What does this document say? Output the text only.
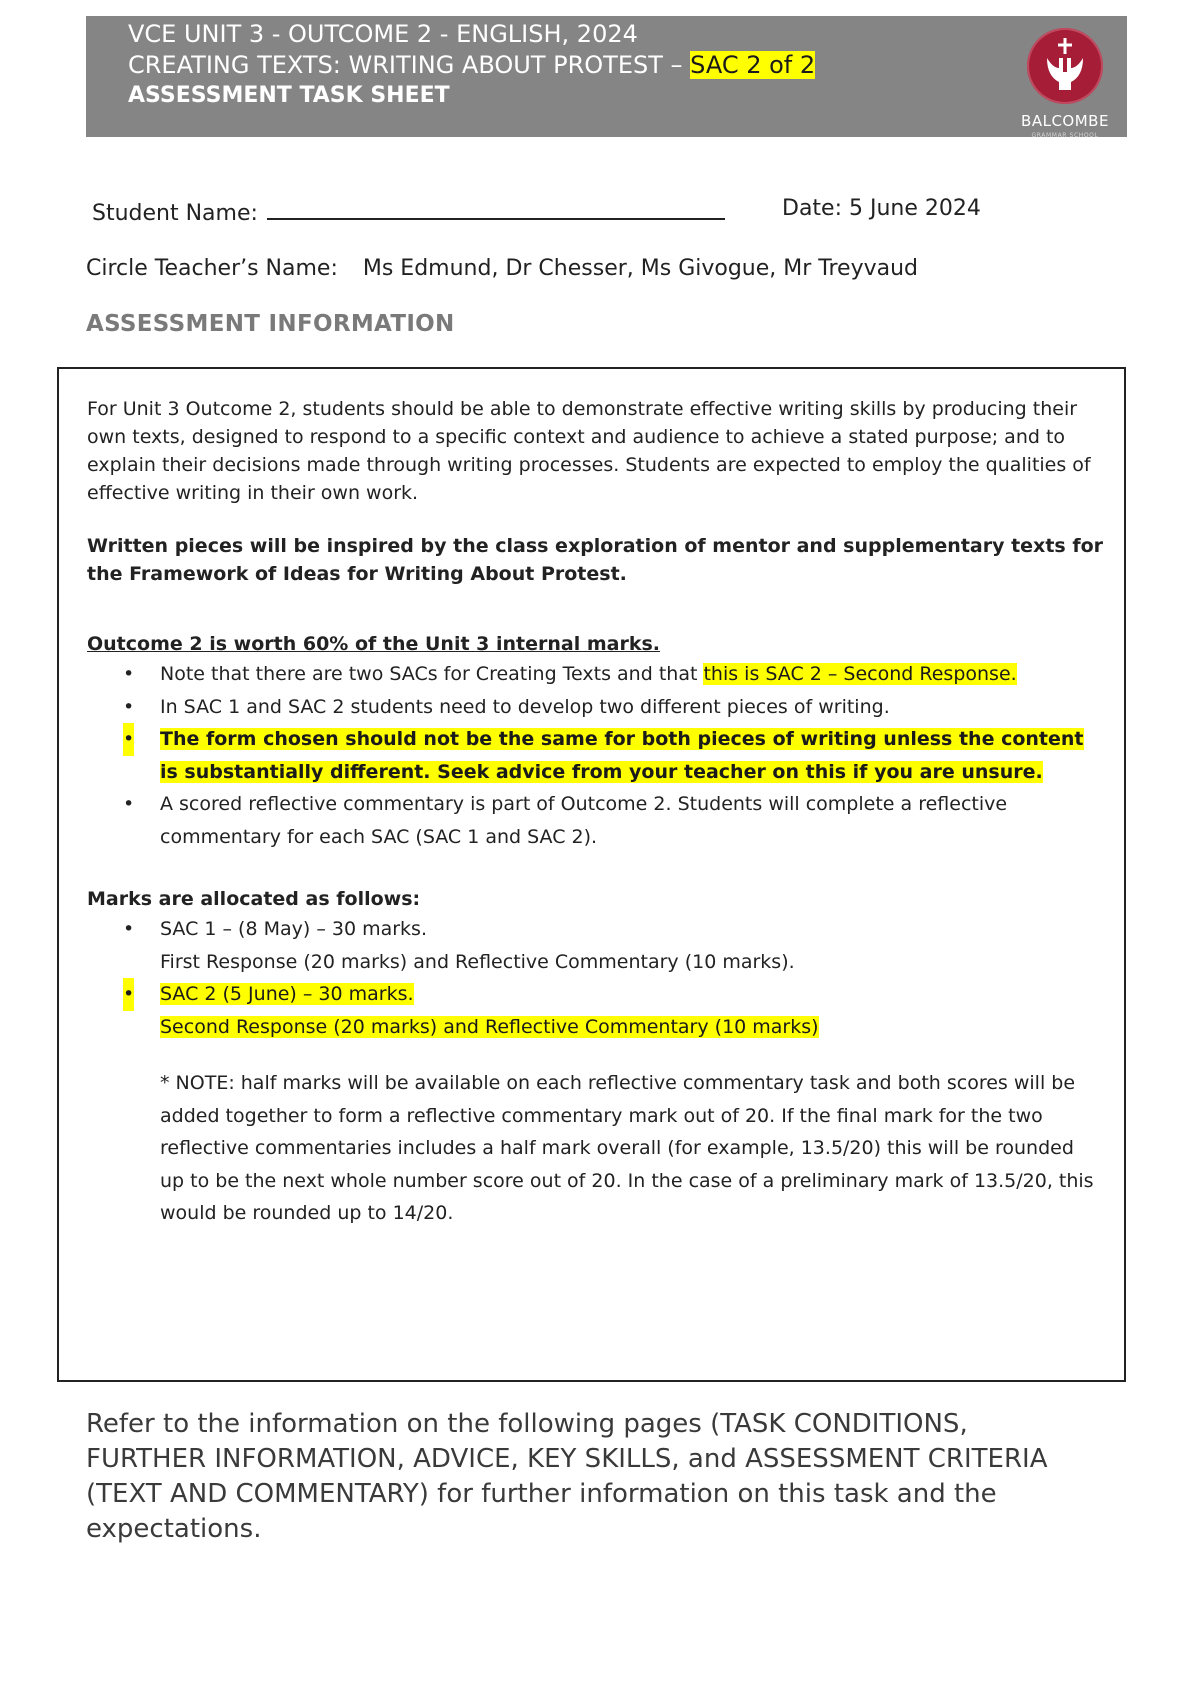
VCE UNIT 3 - OUTCOME 2 - ENGLISH, 2024
CREATING TEXTS: WRITING ABOUT PROTEST – SAC 2 of 2
ASSESSMENT TASK SHEET
BALCOMBE
GRAMMAR SCHOOL
Student Name:	Date: 5 June 2024
Circle Teacher’s Name: Ms Edmund, Dr Chesser, Ms Givogue, Mr Treyvaud
ASSESSMENT INFORMATION

For Unit 3 Outcome 2, students should be able to demonstrate effective writing skills by producing their own texts, designed to respond to a specific context and audience to achieve a stated purpose; and to explain their decisions made through writing processes. Students are expected to employ the qualities of effective writing in their own work.

Written pieces will be inspired by the class exploration of mentor and supplementary texts for the Framework of Ideas for Writing About Protest.

Outcome 2 is worth 60% of the Unit 3 internal marks.

• Note that there are two SACs for Creating Texts and that this is SAC 2 – Second Response.
• In SAC 1 and SAC 2 students need to develop two different pieces of writing.
• The form chosen should not be the same for both pieces of writing unless the content is substantially different. Seek advice from your teacher on this if you are unsure.
• A scored reflective commentary is part of Outcome 2. Students will complete a reflective commentary for each SAC (SAC 1 and SAC 2).

Marks are allocated as follows:

• SAC 1 – (8 May) – 30 marks.
First Response (20 marks) and Reflective Commentary (10 marks).
• SAC 2 (5 June) – 30 marks.
Second Response (20 marks) and Reflective Commentary (10 marks)

* NOTE: half marks will be available on each reflective commentary task and both scores will be added together to form a reflective commentary mark out of 20. If the final mark for the two reflective commentaries includes a half mark overall (for example, 13.5/20) this will be rounded up to be the next whole number score out of 20. In the case of a preliminary mark of 13.5/20, this would be rounded up to 14/20.

Refer to the information on the following pages (TASK CONDITIONS, FURTHER INFORMATION, ADVICE, KEY SKILLS, and ASSESSMENT CRITERIA (TEXT AND COMMENTARY) for further information on this task and the expectations.
